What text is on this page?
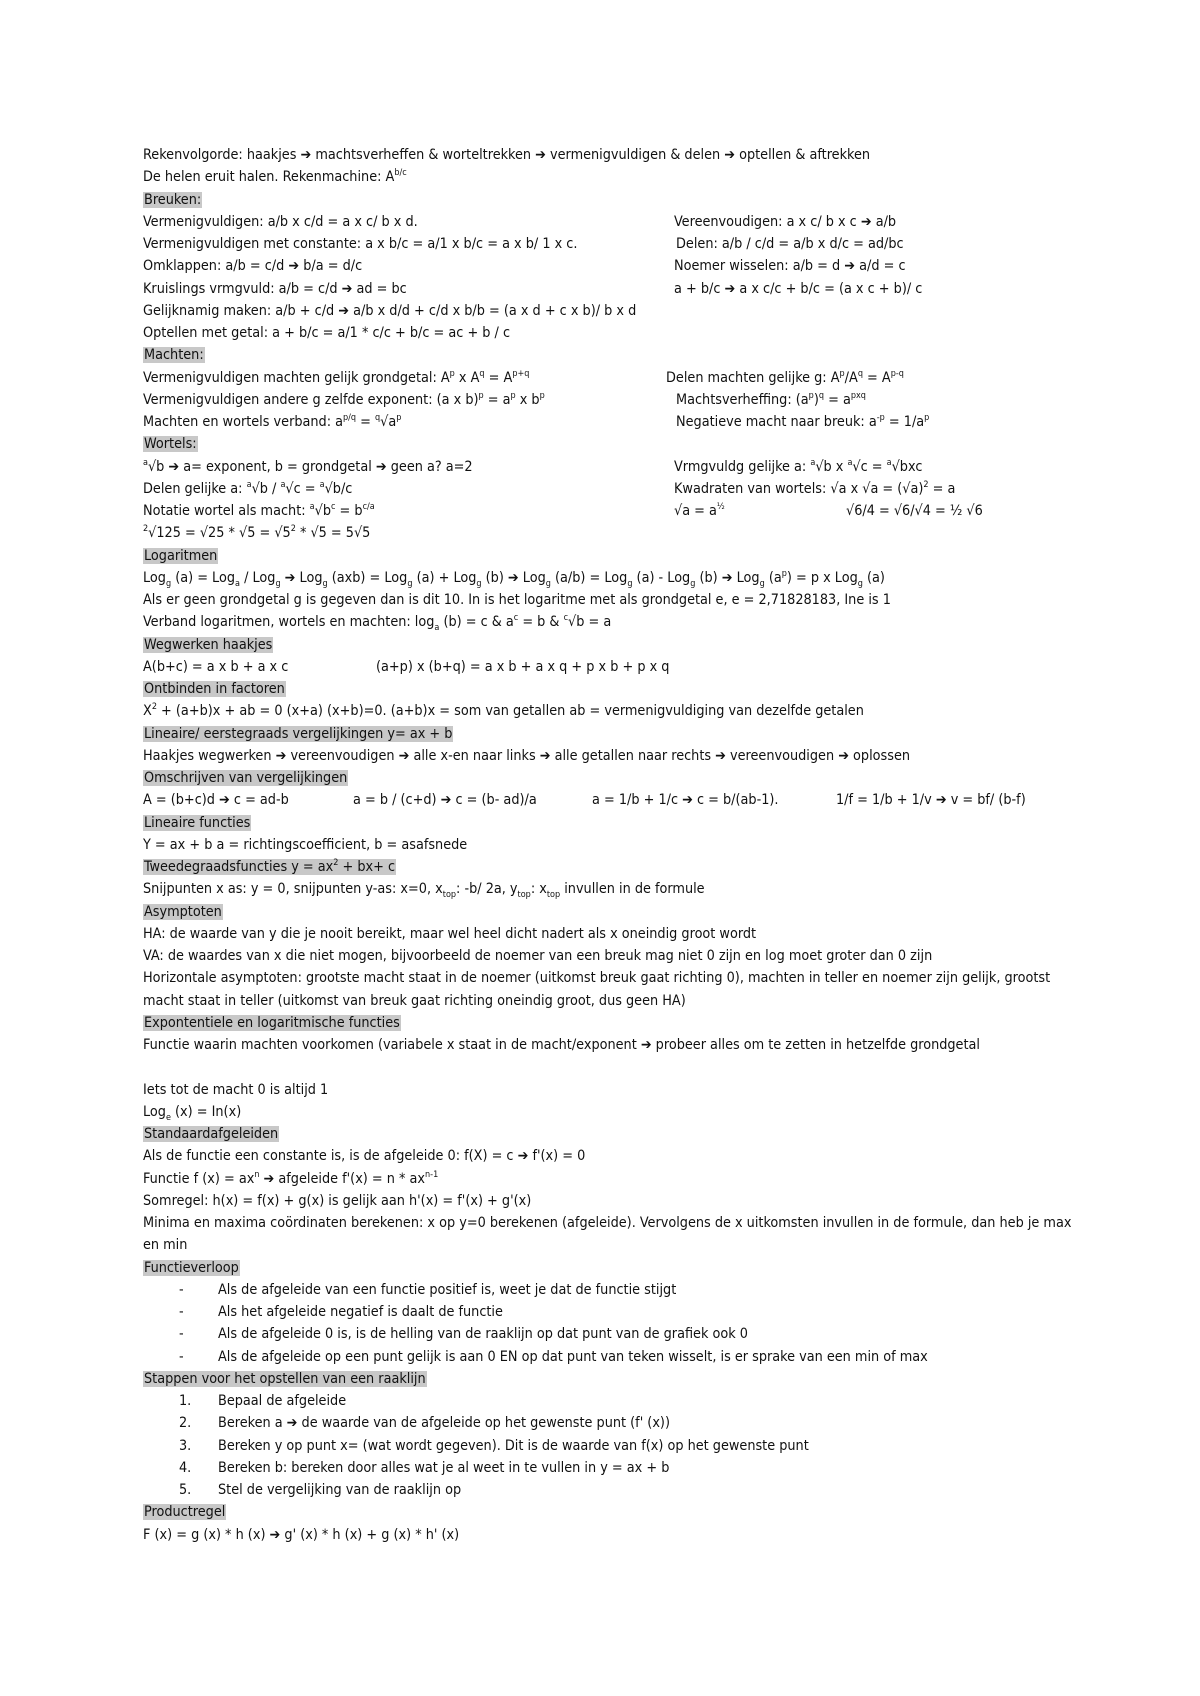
Rekenvolgorde: haakjes ➔ machtsverheffen & worteltrekken ➔ vermenigvuldigen & delen ➔ optellen & aftrekken
De helen eruit halen. Rekenmachine: $A^{b/c}$
Breuken:
Vermenigvuldigen: a/b x c/d = a x c/ b x d.	Vereenvoudigen: a x c/ b x c ➔ a/b
Vermenigvuldigen met constante: a x b/c = a/1 x b/c = a x b/ 1 x c.	Delen: a/b / c/d = a/b x d/c = ad/bc
Omklappen: a/b = c/d ➔ b/a = d/c	Noemer wisselen: a/b = d ➔ a/d = c
Kruislings vrmgvuld: a/b = c/d ➔ ad = bc	a + b/c ➔ a x c/c + b/c = (a x c + b)/ c
Gelijknamig maken: a/b + c/d ➔ a/b x d/d + c/d x b/b = (a x d + c x b)/ b x d
Optellen met getal: a + b/c = a/1 * c/c + b/c = ac + b / c
Machten:
Vermenigvuldigen machten gelijk grondgetal: $A^p$ x $A^q = A^{p+q}$	Delen machten gelijke g: $A^p/A^q = A^{p-q}$
Vermenigvuldigen andere g zelfde exponent: (a x $b)^p = a^p$ x $b^p$	Machtsverheffing: $(a^p)^q = a^{pxq}$
Machten en wortels verband: $a^{p/q} = ^q√a^p$	Negatieve macht naar breuk: $a^{-p} = 1/a^p$
Wortels:
$^a$√b ➔ a= exponent, b = grondgetal ➔ geen a? a=2	Vrmgvuldg gelijke a: $^a$√b x $^a$√c = $^a$√bxc
Delen gelijke a: $^a$√b / $^a$√c = $^a$√b/c	Kwadraten van wortels: √a x $√a = (√a)^2 = a$
Notatie wortel als macht: $^a√b^c = b^{c/a}$	$√a = a^{\frac{1}{2}}$	√6/4 = √6/√4 = ½ √6
$^2√125 = √25 * √5 = √5^2 * √5 = 5√5$
Logaritmen
Log$_g$ (a) = Log$_a$ / Log$_g$ ➔ Log$_g$ (axb) = Log$_g$ (a) + Log$_g$ (b) ➔ Log$_g$ (a/b) = Log$_g$ (a) - Log$_g$ (b) ➔ Log$_g$ $(a^p) = p$ x Log$_g$ (a)
Als er geen grondgetal g is gegeven dan is dit 10. In is het logaritme met als grondgetal e, e = 2,71828183, Ine is 1
Verband logaritmen, wortels en machten: $\log_a (b) = c$ & $a^c = b$ & $^c$√b = a
Wegwerken haakjes
A(b+c) = a x b + a x c	(a+p) x (b+q) = a x b + a x q + p x b + p x q
Ontbinden in factoren
$X^2 + (a+b)x$ + ab = 0 (x+a) (x+b)=0. (a+b)x = som van getallen ab = vermenigvuldiging van dezelfde getalen
Lineaire/ eerstegraads vergelijkingen y= ax + b
Haakjes wegwerken ➔ vereenvoudigen ➔ alle x-en naar links ➔ alle getallen naar rechts ➔ vereenvoudigen ➔ oplossen
Omschrijven van vergelijkingen
A = (b+c)d ➔ c = ad-b	a = b / (c+d) ➔ c = (b- ad)/a	a = 1/b + 1/c ➔ c = b/(ab-1).	1/f = 1/b + 1/v ➔ v = bf/ (b-f)
Lineaire functies
Y = ax + b a = richtingscoefficient, b = asafsnede
Tweedegraadsfuncties $y = ax^2 + bx+ c$
Snijpunten x as: y = 0, snijpunten y-as: x=0, $x_{top}$: -b/ 2a, $y_{top}$: $x_{top}$ invullen in de formule
Asymptoten
HA: de waarde van y die je nooit bereikt, maar wel heel dicht nadert als x oneindig groot wordt
VA: de waardes van x die niet mogen, bijvoorbeeld de noemer van een breuk mag niet 0 zijn en log moet groter dan 0 zijn
Horizontale asymptoten: grootste macht staat in de noemer (uitkomst breuk gaat richting 0), machten in teller en noemer zijn gelijk, grootst macht staat in teller (uitkomst van breuk gaat richting oneindig groot, dus geen HA)
Expontentiele en logaritmische functies
Functie waarin machten voorkomen (variabele x staat in de macht/exponent ➔ probeer alles om te zetten in hetzelfde grondgetal
Iets tot de macht 0 is altijd 1
Log$_e$ (x) = In(x)
Standaardafgeleiden
Als de functie een constante is, is de afgeleide 0: f(X) = c ➔ f'(x) = 0
Functie f $(x) = ax^n$ ➔ afgeleide $f'(x) = n * ax^{n-1}$
Somregel: h(x) = f(x) + g(x) is gelijk aan h'(x) = f'(x) + g'(x)
Minima en maxima coördinaten berekenen: x op y=0 berekenen (afgeleide). Vervolgens de x uitkomsten invullen in de formule, dan heb je max en min
Functieverloop
- Als de afgeleide van een functie positief is, weet je dat de functie stijgt
- Als het afgeleide negatief is daalt de functie
- Als de afgeleide 0 is, is de helling van de raaklijn op dat punt van de grafiek ook 0
- Als de afgeleide op een punt gelijk is aan 0 EN op dat punt van teken wisselt, is er sprake van een min of max
Stappen voor het opstellen van een raaklijn
1. Bepaal de afgeleide
2. Bereken a ➔ de waarde van de afgeleide op het gewenste punt (f' (x))
3. Bereken y op punt x= (wat wordt gegeven). Dit is de waarde van f(x) op het gewenste punt
4. Bereken b: bereken door alles wat je al weet in te vullen in y = ax + b
5. Stel de vergelijking van de raaklijn op
Productregel
F (x) = g (x) * h (x) ➔ g' (x) * h (x) + g (x) * h' (x)
